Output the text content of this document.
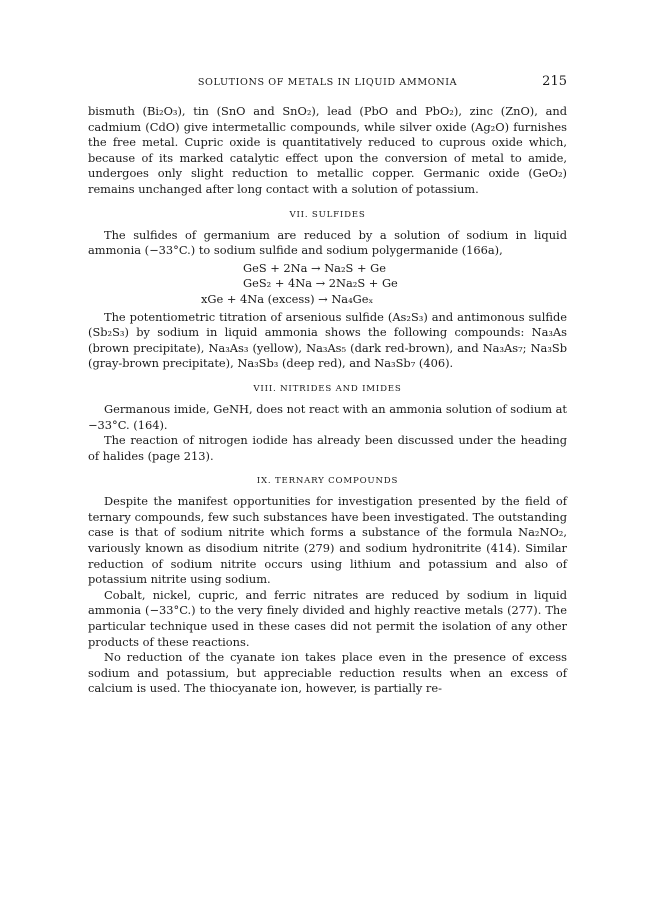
SOLUTIONS OF METALS IN LIQUID AMMONIA	215

bismuth (Bi₂O₃), tin (SnO and SnO₂), lead (PbO and PbO₂), zinc (ZnO), and cadmium (CdO) give intermetallic compounds, while silver oxide (Ag₂O) furnishes the free metal. Cupric oxide is quantitatively reduced to cuprous oxide which, because of its marked catalytic effect upon the conversion of metal to amide, undergoes only slight reduction to metallic copper. Germanic oxide (GeO₂) remains unchanged after long contact with a solution of potassium.

VII. SULFIDES

The sulfides of germanium are reduced by a solution of sodium in liquid ammonia (−33°C.) to sodium sulfide and sodium polygermanide (166a),

GeS + 2Na → Na₂S + Ge
GeS₂ + 4Na → 2Na₂S + Ge
xGe + 4Na (excess) → Na₄Geₓ

The potentiometric titration of arsenious sulfide (As₂S₃) and antimonous sulfide (Sb₂S₃) by sodium in liquid ammonia shows the following compounds: Na₃As (brown precipitate), Na₃As₃ (yellow), Na₃As₅ (dark red-brown), and Na₃As₇; Na₃Sb (gray-brown precipitate), Na₃Sb₃ (deep red), and Na₃Sb₇ (406).

VIII. NITRIDES AND IMIDES

Germanous imide, GeNH, does not react with an ammonia solution of sodium at −33°C. (164).

The reaction of nitrogen iodide has already been discussed under the heading of halides (page 213).

IX. TERNARY COMPOUNDS

Despite the manifest opportunities for investigation presented by the field of ternary compounds, few such substances have been investigated. The outstanding case is that of sodium nitrite which forms a substance of the formula Na₂NO₂, variously known as disodium nitrite (279) and sodium hydronitrite (414). Similar reduction of sodium nitrite occurs using lithium and potassium and also of potassium nitrite using sodium.

Cobalt, nickel, cupric, and ferric nitrates are reduced by sodium in liquid ammonia (−33°C.) to the very finely divided and highly reactive metals (277). The particular technique used in these cases did not permit the isolation of any other products of these reactions.

No reduction of the cyanate ion takes place even in the presence of excess sodium and potassium, but appreciable reduction results when an excess of calcium is used. The thiocyanate ion, however, is partially re-
